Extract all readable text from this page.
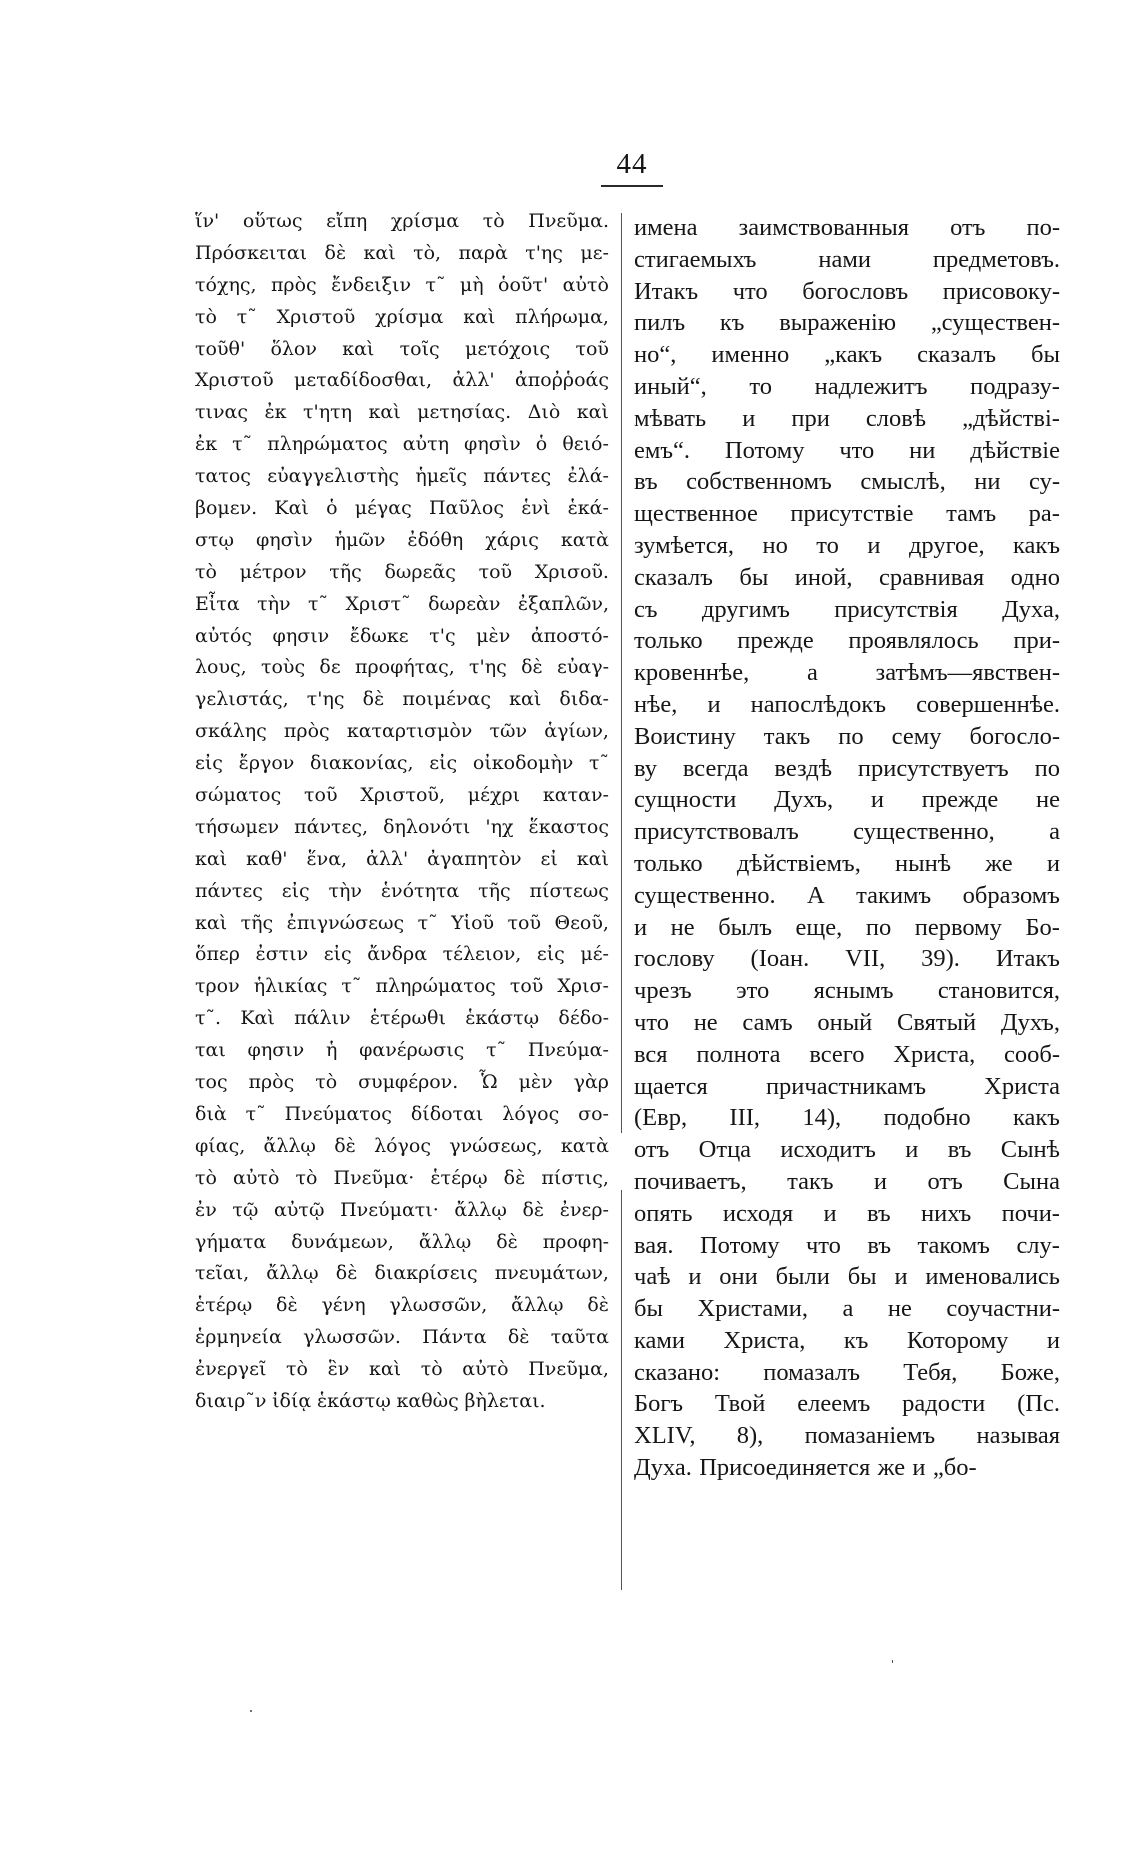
44
ἵν' οὕτως εἴπη χρίσμα τὸ Πνεῦμα.
Πρόσκειται δὲ καὶ τὸ, παρὰ τ'ης με-
τόχης, πρὸς ἔνδειξιν τ˜ μὴ ὁοῦτ' αὐτὸ
τὸ τ˜ Χριστοῦ χρίσμα καὶ πλήρωμα,
τοῦθ' ὅλον καὶ τοῖς μετόχοις τοῦ
Χριστοῦ μεταδίδοσθαι, ἀλλ' ἀποῤῥοάς
τινας ἐκ τ'ητη καὶ μετησίας. Διὸ καὶ
ἐκ τ˜ πληρώματος αὐτη φησὶν ὁ θειό-
τατος εὐαγγελιστὴς ἡμεῖς πάντες ἐλά-
βομεν. Καὶ ὁ μέγας Παῦλος ἑνὶ ἑκά-
στῳ φησὶν ἡμῶν ἐδόθη χάρις κατὰ
τὸ μέτρον τῆς δωρεᾶς τοῦ Χρισοῦ.
Εἶτα τὴν τ˜ Χριστ˜ δωρεὰν ἐξαπλῶν,
αὐτός φησιν ἔδωκε τ'ς μὲν ἀποστό-
λους, τοὺς δε προφήτας, τ'ης δὲ εὐαγ-
γελιστάς, τ'ης δὲ ποιμένας καὶ διδα-
σκάλης πρὸς καταρτισμὸν τῶν ἁγίων,
εἰς ἔργον διακονίας, εἰς οἰκοδομὴν τ˜
σώματος τοῦ Χριστοῦ, μέχρι καταν-
τήσωμεν πάντες, δηλονότι 'ηχ ἕκαστος
καὶ καθ' ἕνα, ἀλλ' ἀγαπητὸν εἰ καὶ
πάντες εἰς τὴν ἑνότητα τῆς πίστεως
καὶ τῆς ἐπιγνώσεως τ˜ Υἱοῦ τοῦ Θεοῦ,
ὅπερ ἐστιν εἰς ἄνδρα τέλειον, εἰς μέ-
τρον ἡλικίας τ˜ πληρώματος τοῦ Χρισ-
τ˜. Καὶ πάλιν ἑτέρωθι ἑκάστῳ δέδο-
ται φησιν ἡ φανέρωσις τ˜ Πνεύμα-
τος πρὸς τὸ συμφέρον. Ὧ μὲν γὰρ
διὰ τ˜ Πνεύματος δίδοται λόγος σο-
φίας, ἄλλῳ δὲ λόγος γνώσεως, κατὰ
τὸ αὐτὸ τὸ Πνεῦμα· ἑτέρῳ δὲ πίστις,
ἐν τῷ αὐτῷ Πνεύματι· ἄλλῳ δὲ ἐνερ-
γήματα δυνάμεων, ἄλλῳ δὲ προφη-
τεῖαι, ἄλλῳ δὲ διακρίσεις πνευμάτων,
ἑτέρῳ δὲ γένη γλωσσῶν, ἄλλῳ δὲ
ἑρμηνεία γλωσσῶν. Πάντα δὲ ταῦτα
ἐνεργεῖ τὸ ἓν καὶ τὸ αὐτὸ Πνεῦμα,
διαιρ˜ν ἰδίᾳ ἑκάστῳ καθὼς βὴλεται.
имена заимствованныя отъ по-
стигаемыхъ	нами	предметовъ.
Итакъ что богословъ присовоку-
пилъ къ выраженію „существен-
но“, именно „какъ сказалъ бы
иный“, то надлежитъ подразу-
мѣвать и при словѣ „дѣйствi-
емъ“. Потому что ни дѣйствiе
въ собственномъ смыслѣ, ни су-
щественное присутствiе тамъ ра-
зумѣется, но то и другое, какъ
сказалъ бы иной, сравнивая одно
съ другимъ присутствiя Духа,
только прежде проявлялось при-
кровеннѣе, а затѣмъ—явствен-
нѣе, и напослѣдокъ совершеннѣе.
Воистину такъ по сему богосло-
ву всегда вездѣ присутствуетъ по
сущности Духъ, и прежде не
присутствовалъ существенно, а
только дѣйствiемъ, нынѣ же и
существенно. А такимъ образомъ
и не былъ еще, по первому Бо-
гослову (Іоан. VII, 39). Итакъ
чрезъ это яснымъ становится,
что не самъ оный Святый Духъ,
вся полнота всего Христа, сооб-
щается причастникамъ Христа
(Евр, III, 14), подобно какъ
отъ Отца исходитъ и въ Сынѣ
почиваетъ, такъ и отъ Сына
опять исходя и въ нихъ почи-
вая. Потому что въ такомъ слу-
чаѣ и они были бы и именовались
бы Христами, а не соучастни-
ками Христа, къ Которому и
сказано: помазалъ Тебя, Боже,
Богъ Твой елеемъ радости (Пс.
XLIV, 8), помазанiемъ называя
Духа. Присоединяется же и „бо-
